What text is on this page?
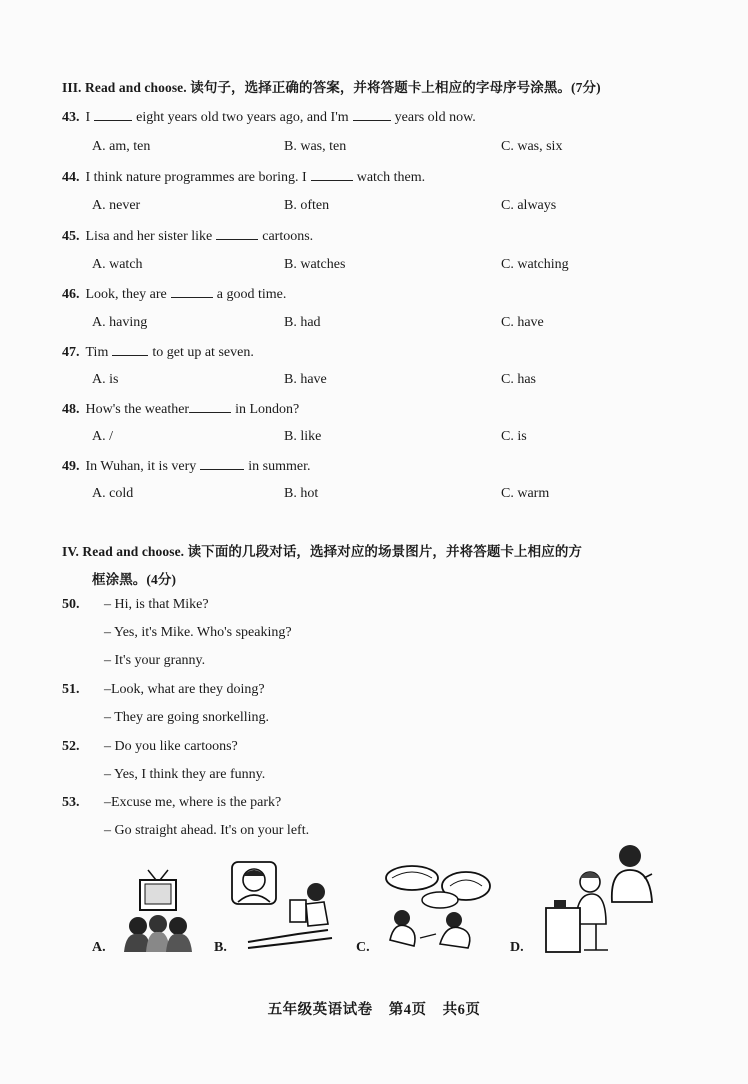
III. Read and choose. 读句子，选择正确的答案，并将答题卡上相应的字母序号涂黑。(7分)
43. I	eight years old two years ago, and I'm	years old now.
A. am, ten	B. was, ten	C. was, six
44. I think nature programmes are boring. I	watch them.
A. never	B. often	C. always
45. Lisa and her sister like	cartoons.
A. watch	B. watches	C. watching
46. Look, they are	a good time.
A. having	B. had	C. have
47. Tim	to get up at seven.
A. is	B. have	C. has
48. How's the weather	in London?
A. /	B. like	C. is
49. In Wuhan, it is very	in summer.
A. cold	B. hot	C. warm
IV. Read and choose. 读下面的几段对话，选择对应的场景图片，并将答题卡上相应的方
框涂黑。(4分)
50.	– Hi, is that Mike?
– Yes, it's Mike. Who's speaking?
– It's your granny.
51.	–Look, what are they doing?
– They are going snorkelling.
52.	– Do you like cartoons?
– Yes, I think they are funny.
53.	–Excuse me, where is the park?
– Go straight ahead. It's on your left.
A.	B.	C.	D.
五年级英语试卷 第4页 共6页
